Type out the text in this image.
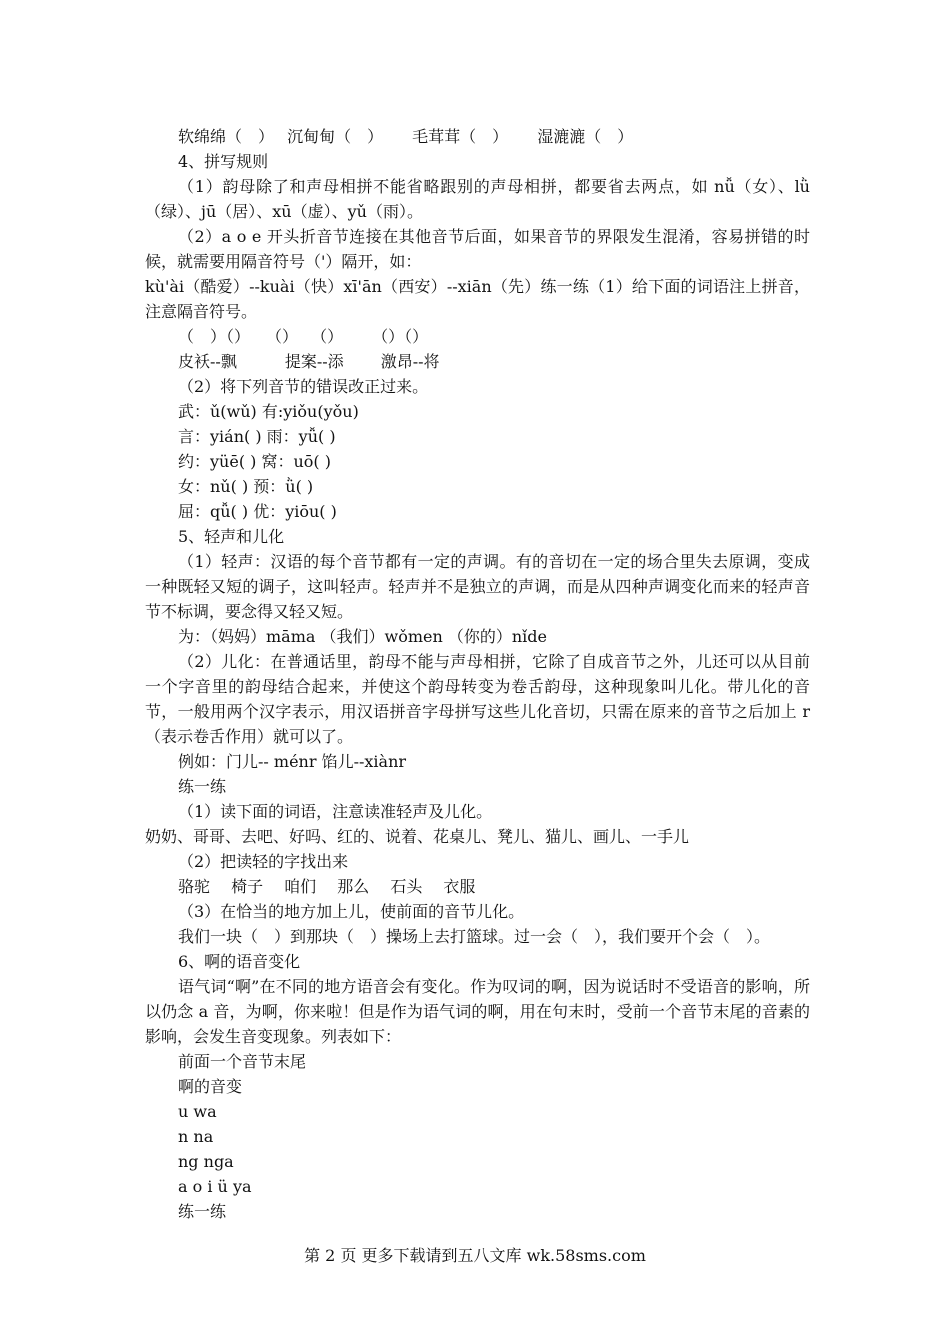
软绵绵（　）　 沉甸甸（　）　　 毛茸茸（　）　　 湿漉漉（　）
4、拼写规则
（1）韵母除了和声母相拼不能省略跟别的声母相拼，都要省去两点，如 nǚ（女）、lǜ（绿）、jū（居）、xū（虚）、yǔ（雨）。
（2）a o e 开头折音节连接在其他音节后面，如果音节的界限发生混淆，容易拼错的时候，就需要用隔音符号（'）隔开，如：
kù'ài（酷爱）--kuài（快）xī'ān（西安）--xiān（先）练一练（1）给下面的词语注上拼音，注意隔音符号。
（　）（）　　（）　 （）　　 （）（）
皮袄--飘　　　提案--添　　 激昂--将
（2）将下列音节的错误改正过来。
武：ǔ(wǔ) 有:yiǒu(yǒu)
言：yián( ) 雨：yǚ( )
约：yüē( ) 窝：uō( )
女：nǔ( ) 预：ǜ( )
屈：qǚ( ) 优：yiōu( )
5、轻声和儿化
（1）轻声：汉语的每个音节都有一定的声调。有的音切在一定的场合里失去原调，变成一种既轻又短的调子，这叫轻声。轻声并不是独立的声调，而是从四种声调变化而来的轻声音节不标调，要念得又轻又短。
为：（妈妈）māma （我们）wǒmen （你的）nǐde
（2）儿化：在普通话里，韵母不能与声母相拼，它除了自成音节之外，儿还可以从目前一个字音里的韵母结合起来，并使这个韵母转变为卷舌韵母，这种现象叫儿化。带儿化的音节，一般用两个汉字表示，用汉语拼音字母拼写这些儿化音切，只需在原来的音节之后加上 r（表示卷舌作用）就可以了。
例如：门儿-- ménr 馅儿--xiànr
练一练
（1）读下面的词语，注意读准轻声及儿化。
奶奶、哥哥、去吧、好吗、红的、说着、花桌儿、凳儿、猫儿、画儿、一手儿
（2）把读轻的字找出来
骆驼　 椅子　 咱们　 那么　 石头　 衣服
（3）在恰当的地方加上儿，使前面的音节儿化。
我们一块（　）到那块（　）操场上去打篮球。过一会（　），我们要开个会（　）。
6、啊的语音变化
语气词“啊”在不同的地方语音会有变化。作为叹词的啊，因为说话时不受语音的影响，所以仍念 a 音，为啊，你来啦！但是作为语气词的啊，用在句末时，受前一个音节末尾的音素的影响，会发生音变现象。列表如下：
前面一个音节末尾
啊的音变
u wa
n na
ng nga
a o i ü ya
练一练
第 2 页 更多下载请到五八文库 wk.58sms.com
